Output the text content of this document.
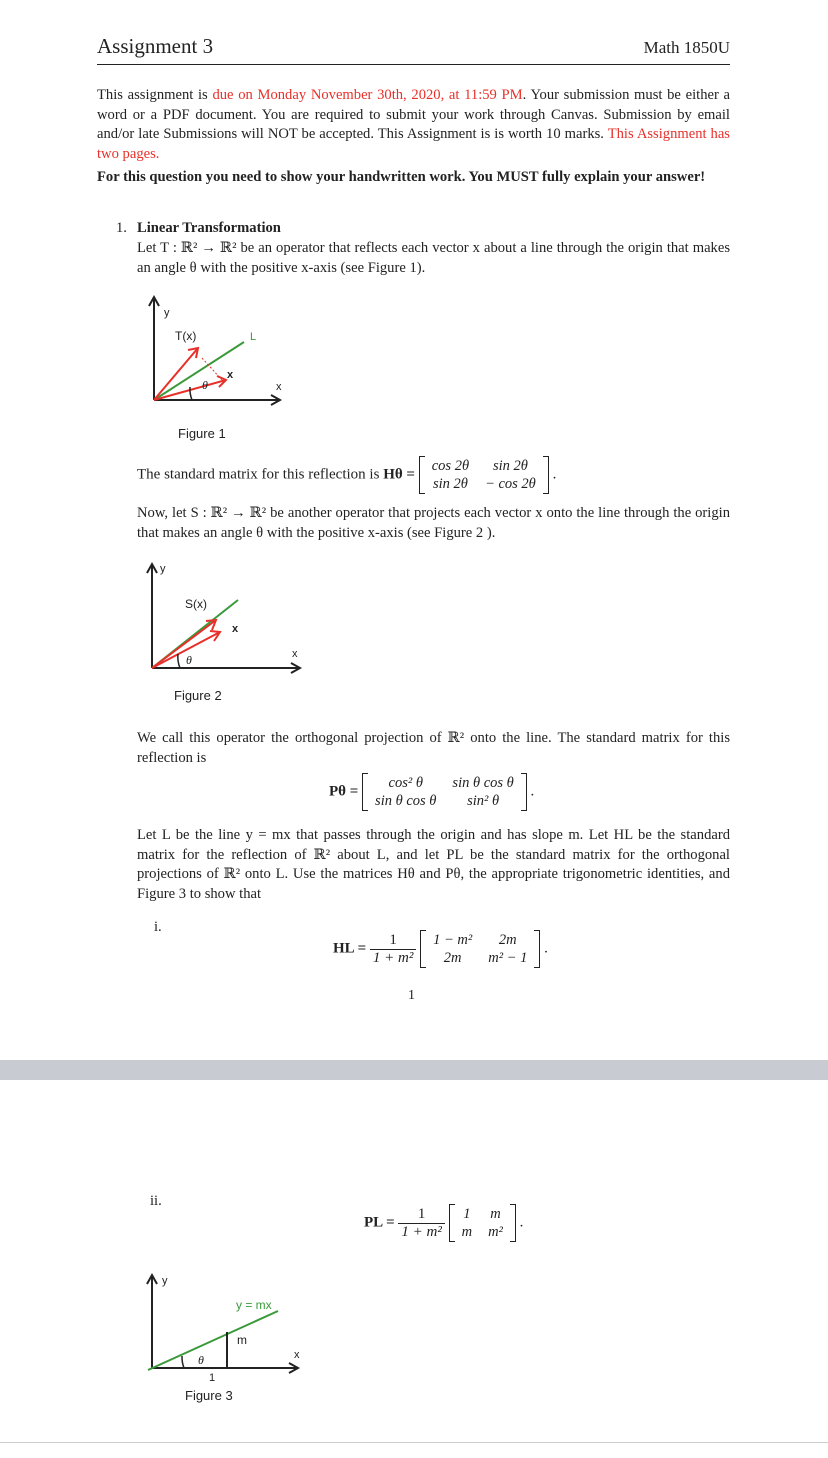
Assignment 3	Math 1850U
This assignment is due on Monday November 30th, 2020, at 11:59 PM. Your submission must be either a word or a PDF document. You are required to submit your work through Canvas. Submission by email and/or late Submissions will NOT be accepted. This Assignment is is worth 10 marks. This Assignment has two pages.
For this question you need to show your handwritten work. You MUST fully explain your answer!
1. Linear Transformation
Let T : ℝ² → ℝ² be an operator that reflects each vector x about a line through the origin that makes an angle θ with the positive x-axis (see Figure 1).
T(x)	L
y
x
x
θ
Figure 1
The standard matrix for this reflection is Hθ =
cos 2θ	sin 2θ
sin 2θ	− cos 2θ
.
Now, let S : ℝ² → ℝ² be another operator that projects each vector x onto the line through the origin that makes an angle θ with the positive x-axis (see Figure 2 ).
S(x)
y
x
x
θ
Figure 2
We call this operator the orthogonal projection of ℝ² onto the line. The standard matrix for this reflection is
Pθ =
cos² θ	sin θ cos θ
sin θ cos θ	sin² θ
.
Let L be the line y = mx that passes through the origin and has slope m. Let HL be the standard matrix for the reflection of ℝ² about L, and let PL be the standard matrix for the orthogonal projections of ℝ² onto L. Use the matrices Hθ and Pθ, the appropriate trigonometric identities, and Figure 3 to show that
i.
HL = $\frac{1}{\text{1 + m²}}$
1 − m²	2m
2m	m² − 1
.
1
ii.
PL = $\frac{1}{\text{1 + m²}}$
1	m
m	m²
.
y
x
y = mx
m
θ
1
Figure 3
